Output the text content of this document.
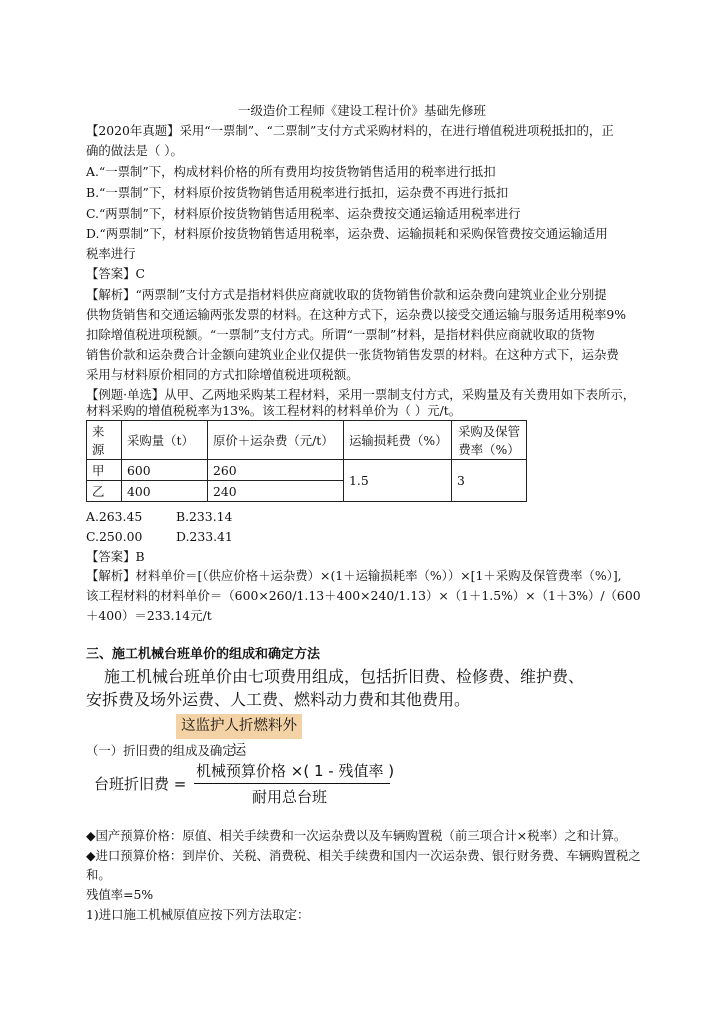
一级造价工程师《建设工程计价》基础先修班
【2020年真题】采用“一票制”、“二票制”支付方式采购材料的，在进行增值税进项税抵扣的，正
确的做法是（ ）。
A.“一票制”下，构成材料价格的所有费用均按货物销售适用的税率进行抵扣
B.“一票制”下，材料原价按货物销售适用税率进行抵扣，运杂费不再进行抵扣
C.“两票制”下，材料原价按货物销售适用税率、运杂费按交通运输适用税率进行
D.“两票制”下，材料原价按货物销售适用税率，运杂费、运输损耗和采购保管费按交通运输适用
税率进行
【答案】C
【解析】“两票制”支付方式是指材料供应商就收取的货物销售价款和运杂费向建筑业企业分别提
供物货销售和交通运输两张发票的材料。在这种方式下，运杂费以接受交通运输与服务适用税率9%
扣除增值税进项税额。“一票制”支付方式。所谓“一票制”材料，是指材料供应商就收取的货物
销售价款和运杂费合计金额向建筑业企业仅提供一张货物销售发票的材料。在这种方式下，运杂费
采用与材料原价相同的方式扣除增值税进项税额。
【例题·单选】从甲、乙两地采购某工程材料，采用一票制支付方式，采购量及有关费用如下表所示，
材料采购的增值税税率为13%。该工程材料的材料单价为（ ）元/t。
来源	采购量（t）	原价＋运杂费（元/t）	运输损耗费（%）	采购及保管
费率（%）
甲	600	260	1.5	3
乙	400	240		
A.263.45	B.233.14
C.250.00	D.233.41
【答案】B
【解析】材料单价＝[（供应价格＋运杂费）×(1＋运输损耗率（%））×[1＋采购及保管费率（%）],
该工程材料的材料单价＝（600×260/1.13＋400×240/1.13）×（1＋1.5%）×（1＋3%）/（600
＋400）＝233.14元/t
三、施工机械台班单价的组成和确定方法
施工机械台班单价由七项费用组成，包括折旧费、检修费、维护费、
安拆费及场外运费、人工费、燃料动力费和其他费用。
这监护人折燃料外运
（一）折旧费的组成及确定
台班折旧费 =
机械预算价格 ×( 1 - 残值率 )
耐用总台班
◆国产预算价格：原值、相关手续费和一次运杂费以及车辆购置税（前三项合计×税率）之和计算。
◆进口预算价格：到岸价、关税、消费税、相关手续费和国内一次运杂费、银行财务费、车辆购置税之
和。
残值率=5%
1)进口施工机械原值应按下列方法取定：
